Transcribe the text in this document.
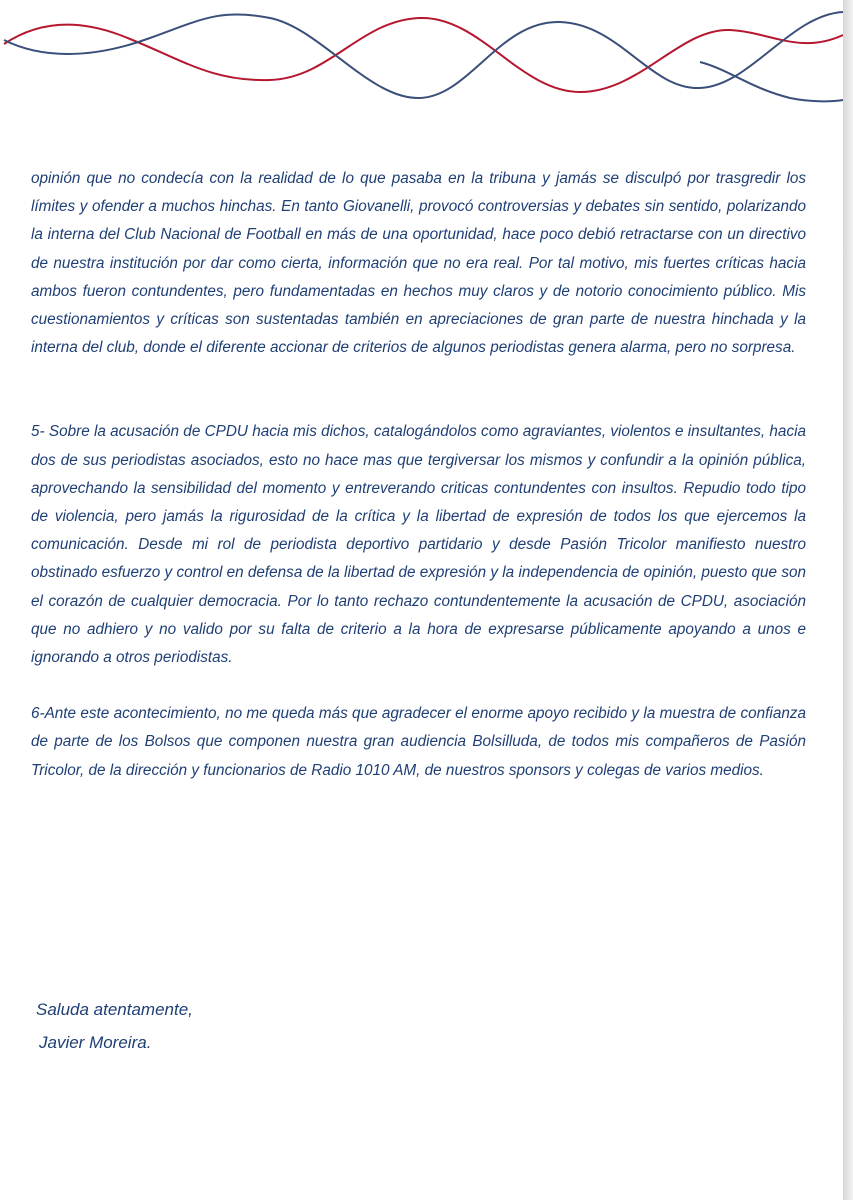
opinión que no condecía con la realidad de lo que pasaba en la tribuna y jamás se disculpó por trasgredir los límites y ofender a muchos hinchas. En tanto Giovanelli, provocó controversias y debates sin sentido, polarizando la interna del Club Nacional de Football en más de una oportunidad, hace poco debió retractarse con un directivo de nuestra institución por dar como cierta, información que no era real. Por tal motivo, mis fuertes críticas hacia ambos fueron contundentes, pero fundamentadas en hechos muy claros y de notorio conocimiento público. Mis cuestionamientos y críticas son sustentadas también en apreciaciones de gran parte de nuestra hinchada y la interna del club, donde el diferente accionar de criterios de algunos periodistas genera alarma, pero no sorpresa.

5- Sobre la acusación de CPDU hacia mis dichos, catalogándolos como agraviantes, violentos e insultantes, hacia dos de sus periodistas asociados, esto no hace mas que tergiversar los mismos y confundir a la opinión pública, aprovechando la sensibilidad del momento y entreverando criticas contundentes con insultos. Repudio todo tipo de violencia, pero jamás la rigurosidad de la crítica y la libertad de expresión de todos los que ejercemos la comunicación. Desde mi rol de periodista deportivo partidario y desde Pasión Tricolor manifiesto nuestro obstinado esfuerzo y control en defensa de la libertad de expresión y la independencia de opinión, puesto que son el corazón de cualquier democracia. Por lo tanto rechazo contundentemente la acusación de CPDU, asociación que no adhiero y no valido por su falta de criterio a la hora de expresarse públicamente apoyando a unos e ignorando a otros periodistas.

6-Ante este acontecimiento, no me queda más que agradecer el enorme apoyo recibido y la muestra de confianza de parte de los Bolsos que componen nuestra gran audiencia Bolsilluda, de todos mis compañeros de Pasión Tricolor, de la dirección y funcionarios de Radio 1010 AM, de nuestros sponsors y colegas de varios medios.

Saluda atentamente,
Javier Moreira.
